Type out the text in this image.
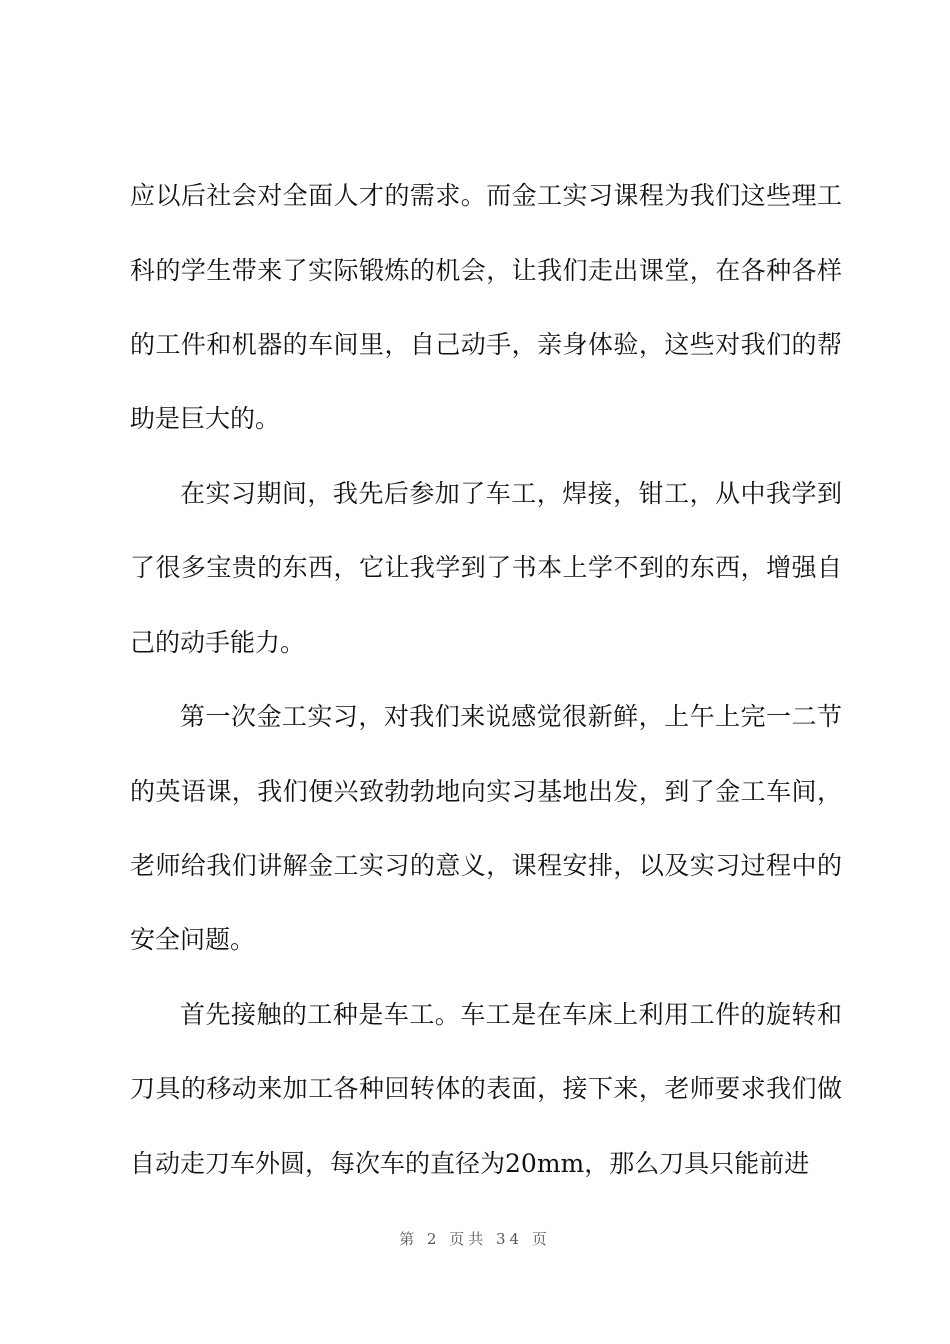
应以后社会对全面人才的需求。而金工实习课程为我们这些理工
科的学生带来了实际锻炼的机会，让我们走出课堂，在各种各样
的工件和机器的车间里，自己动手，亲身体验，这些对我们的帮
助是巨大的。
在实习期间，我先后参加了车工，焊接，钳工，从中我学到
了很多宝贵的东西，它让我学到了书本上学不到的东西，增强自
己的动手能力。
第一次金工实习，对我们来说感觉很新鲜，上午上完一二节
的英语课，我们便兴致勃勃地向实习基地出发，到了金工车间，
老师给我们讲解金工实习的意义，课程安排，以及实习过程中的
安全问题。
首先接触的工种是车工。车工是在车床上利用工件的旋转和
刀具的移动来加工各种回转体的表面，接下来，老师要求我们做
自动走刀车外圆，每次车的直径为20mm，那么刀具只能前进
第 2 页共 34 页
